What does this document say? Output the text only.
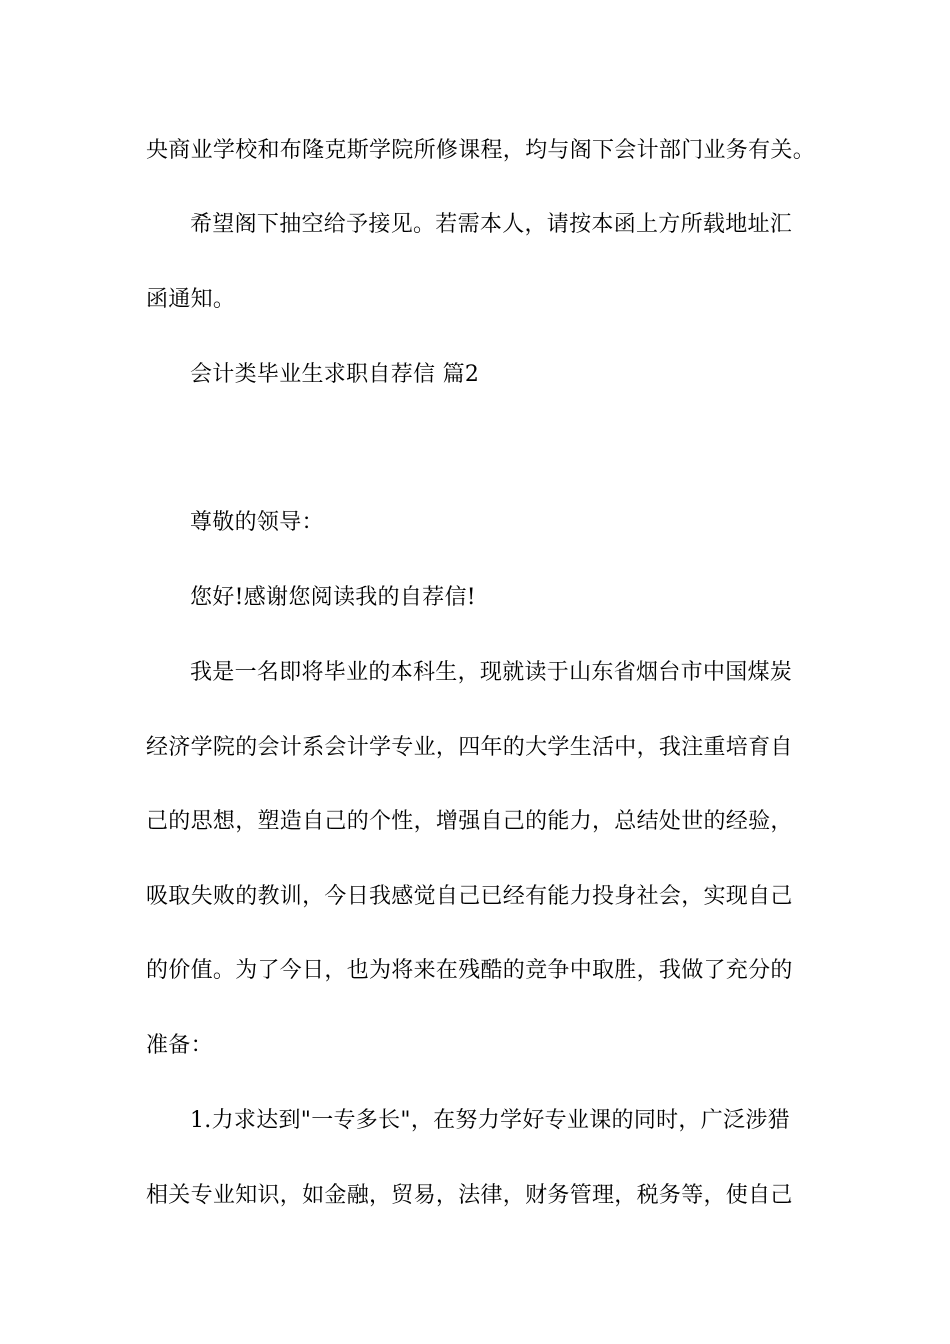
央商业学校和布隆克斯学院所修课程，均与阁下会计部门业务有关。
希望阁下抽空给予接见。若需本人，请按本函上方所载地址汇
函通知。
会计类毕业生求职自荐信 篇2
尊敬的领导：
您好!感谢您阅读我的自荐信!
我是一名即将毕业的本科生，现就读于山东省烟台市中国煤炭
经济学院的会计系会计学专业，四年的大学生活中，我注重培育自
己的思想，塑造自己的个性，增强自己的能力，总结处世的经验，
吸取失败的教训，今日我感觉自己已经有能力投身社会，实现自己
的价值。为了今日，也为将来在残酷的竞争中取胜，我做了充分的
准备：
1.力求达到"一专多长"，在努力学好专业课的同时，广泛涉猎
相关专业知识，如金融，贸易，法律，财务管理，税务等，使自己
